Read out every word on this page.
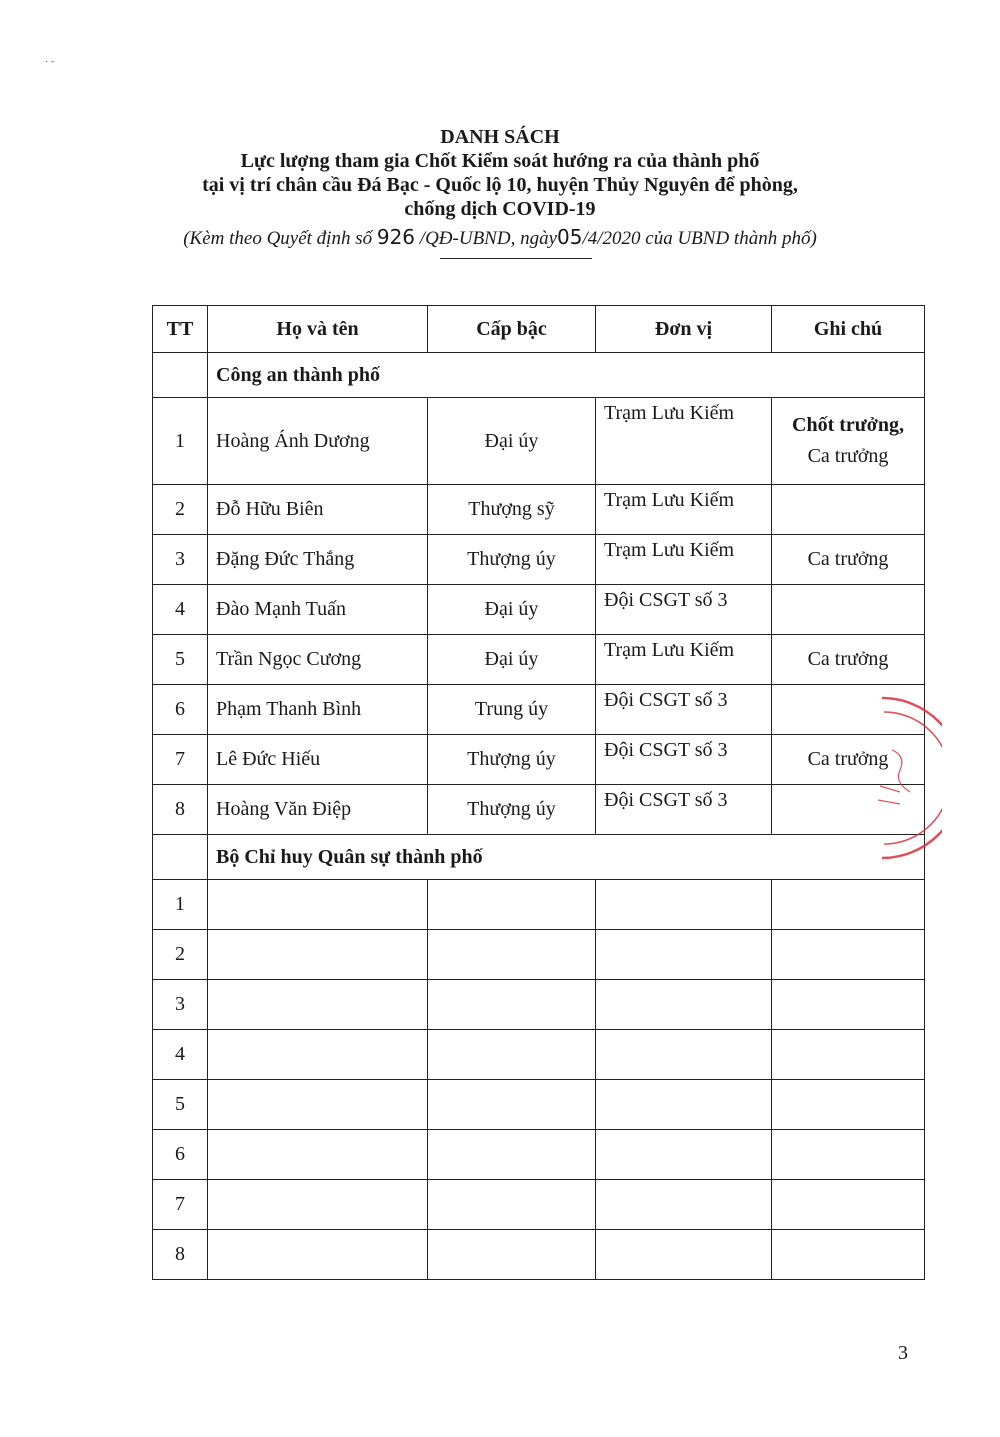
˙ ˉ
DANH SÁCH
Lực lượng tham gia Chốt Kiểm soát hướng ra của thành phố
tại vị trí chân cầu Đá Bạc - Quốc lộ 10, huyện Thủy Nguyên để phòng,
chống dịch COVID-19
(Kèm theo Quyết định số 926 /QĐ-UBND, ngày05/4/2020 của UBND thành phố)
TT	Họ và tên	Cấp bậc	Đơn vị	Ghi chú
	Công an thành phố			
1	Hoàng Ánh Dương	Đại úy	Trạm Lưu Kiếm	Chốt trưởng,
Ca trưởng

2	Đỗ Hữu Biên	Thượng sỹ	Trạm Lưu Kiếm	
3	Đặng Đức Thắng	Thượng úy	Trạm Lưu Kiếm	Ca trưởng
4	Đào Mạnh Tuấn	Đại úy	Đội CSGT số 3	
5	Trần Ngọc Cương	Đại úy	Trạm Lưu Kiếm	Ca trưởng
6	Phạm Thanh Bình	Trung úy	Đội CSGT số 3	
7	Lê Đức Hiếu	Thượng úy	Đội CSGT số 3	Ca trưởng
8	Hoàng Văn Điệp	Thượng úy	Đội CSGT số 3	
	Bộ Chỉ huy Quân sự thành phố			
1				
2				
3				
4				
5				
6				
7				
8				
3
